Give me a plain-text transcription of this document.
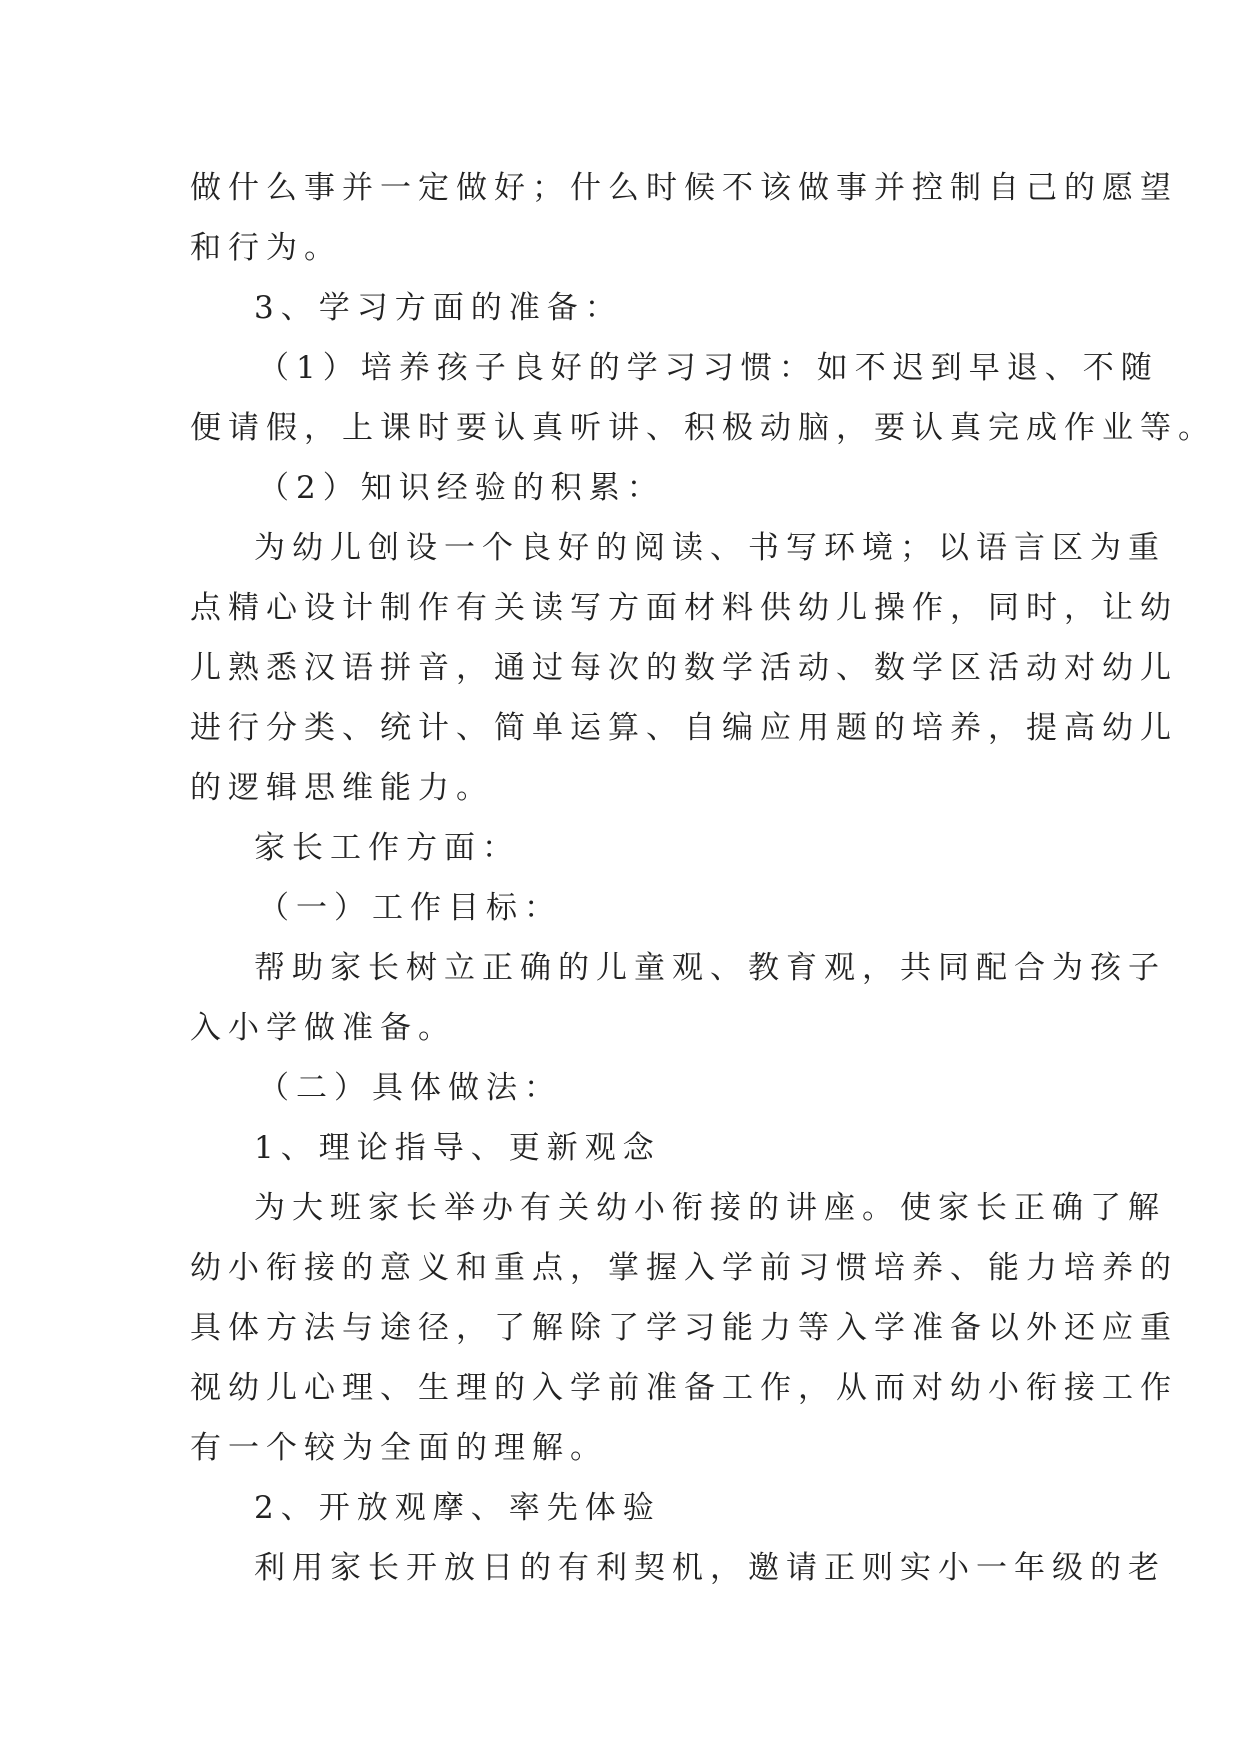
做什么事并一定做好；什么时候不该做事并控制自己的愿望
和行为。
3、学习方面的准备：
（1）培养孩子良好的学习习惯：如不迟到早退、不随
便请假，上课时要认真听讲、积极动脑，要认真完成作业等。
（2）知识经验的积累：
为幼儿创设一个良好的阅读、书写环境；以语言区为重
点精心设计制作有关读写方面材料供幼儿操作，同时，让幼
儿熟悉汉语拼音，通过每次的数学活动、数学区活动对幼儿
进行分类、统计、简单运算、自编应用题的培养，提高幼儿
的逻辑思维能力。
家长工作方面：
（一）工作目标：
帮助家长树立正确的儿童观、教育观，共同配合为孩子
入小学做准备。
（二）具体做法：
1、理论指导、更新观念
为大班家长举办有关幼小衔接的讲座。使家长正确了解
幼小衔接的意义和重点，掌握入学前习惯培养、能力培养的
具体方法与途径，了解除了学习能力等入学准备以外还应重
视幼儿心理、生理的入学前准备工作，从而对幼小衔接工作
有一个较为全面的理解。
2、开放观摩、率先体验
利用家长开放日的有利契机，邀请正则实小一年级的老
